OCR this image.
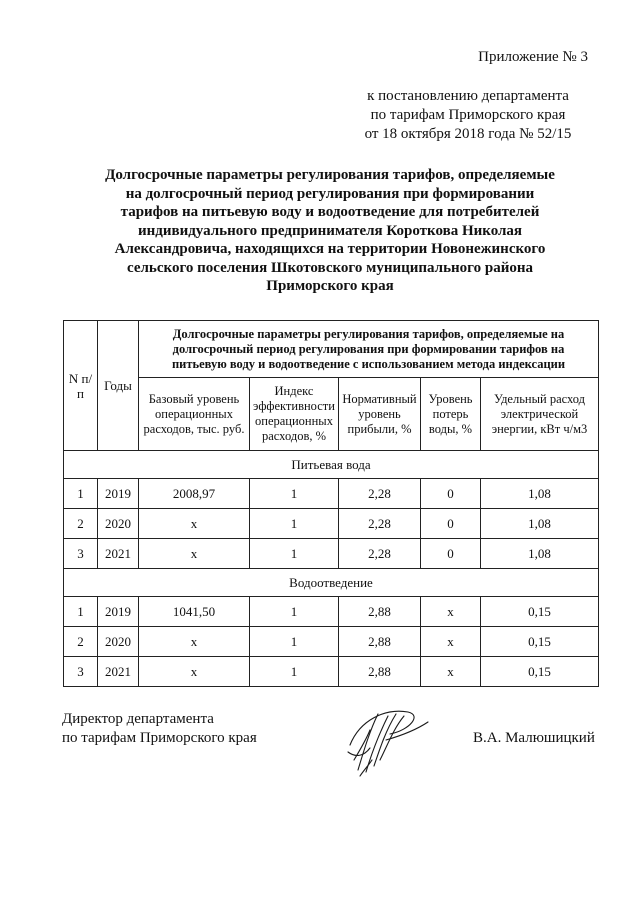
Приложение № 3
к постановлению департамента
по тарифам Приморского края
от 18 октября 2018 года № 52/15
Долгосрочные параметры регулирования тарифов, определяемые на долгосрочный период регулирования при формировании тарифов на питьевую воду и водоотведение для потребителей индивидуального предпринимателя Короткова Николая Александровича, находящихся на территории Новонежинского сельского поселения Шкотовского муниципального района Приморского края
N п/п	Годы	Долгосрочные параметры регулирования тарифов, определяемые на долгосрочный период регулирования при формировании тарифов на питьевую воду и водоотведение с использованием метода индексации				
		Базовый уровень операционных расходов, тыс. руб.	Индекс эффективности операционных расходов, %	Нормативный уровень прибыли, %	Уровень потерь воды, %	Удельный расход электрической энергии, кВт ч/м3
Питьевая вода						
1	2019	2008,97	1	2,28	0	1,08
2	2020	х	1	2,28	0	1,08
3	2021	х	1	2,28	0	1,08
Водоотведение						
1	2019	1041,50	1	2,88	х	0,15
2	2020	х	1	2,88	х	0,15
3	2021	х	1	2,88	х	0,15
Директор департамента
по тарифам Приморского края	В.А. Малюшицкий
